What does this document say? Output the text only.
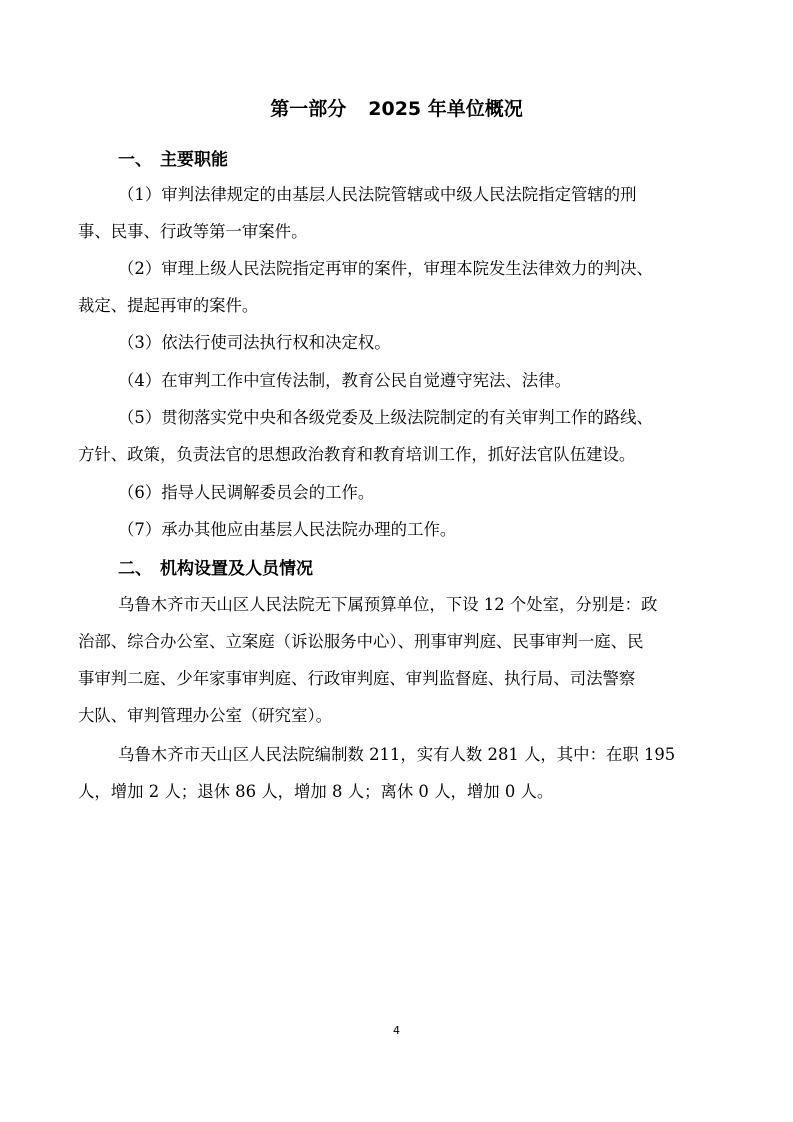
第一部分 2025 年单位概况
一、 主要职能
（1）审判法律规定的由基层人民法院管辖或中级人民法院指定管辖的刑
事、民事、行政等第一审案件。
（2）审理上级人民法院指定再审的案件，审理本院发生法律效力的判决、
裁定、提起再审的案件。
（3）依法行使司法执行权和决定权。
（4）在审判工作中宣传法制，教育公民自觉遵守宪法、法律。
（5）贯彻落实党中央和各级党委及上级法院制定的有关审判工作的路线、
方针、政策，负责法官的思想政治教育和教育培训工作，抓好法官队伍建设。
（6）指导人民调解委员会的工作。
（7）承办其他应由基层人民法院办理的工作。
二、 机构设置及人员情况
乌鲁木齐市天山区人民法院无下属预算单位，下设 12 个处室，分别是：政
治部、综合办公室、立案庭（诉讼服务中心）、刑事审判庭、民事审判一庭、民
事审判二庭、少年家事审判庭、行政审判庭、审判监督庭、执行局、司法警察
大队、审判管理办公室（研究室）。
乌鲁木齐市天山区人民法院编制数 211，实有人数 281 人，其中：在职 195
人，增加 2 人；退休 86 人，增加 8 人；离休 0 人，增加 0 人。
4
